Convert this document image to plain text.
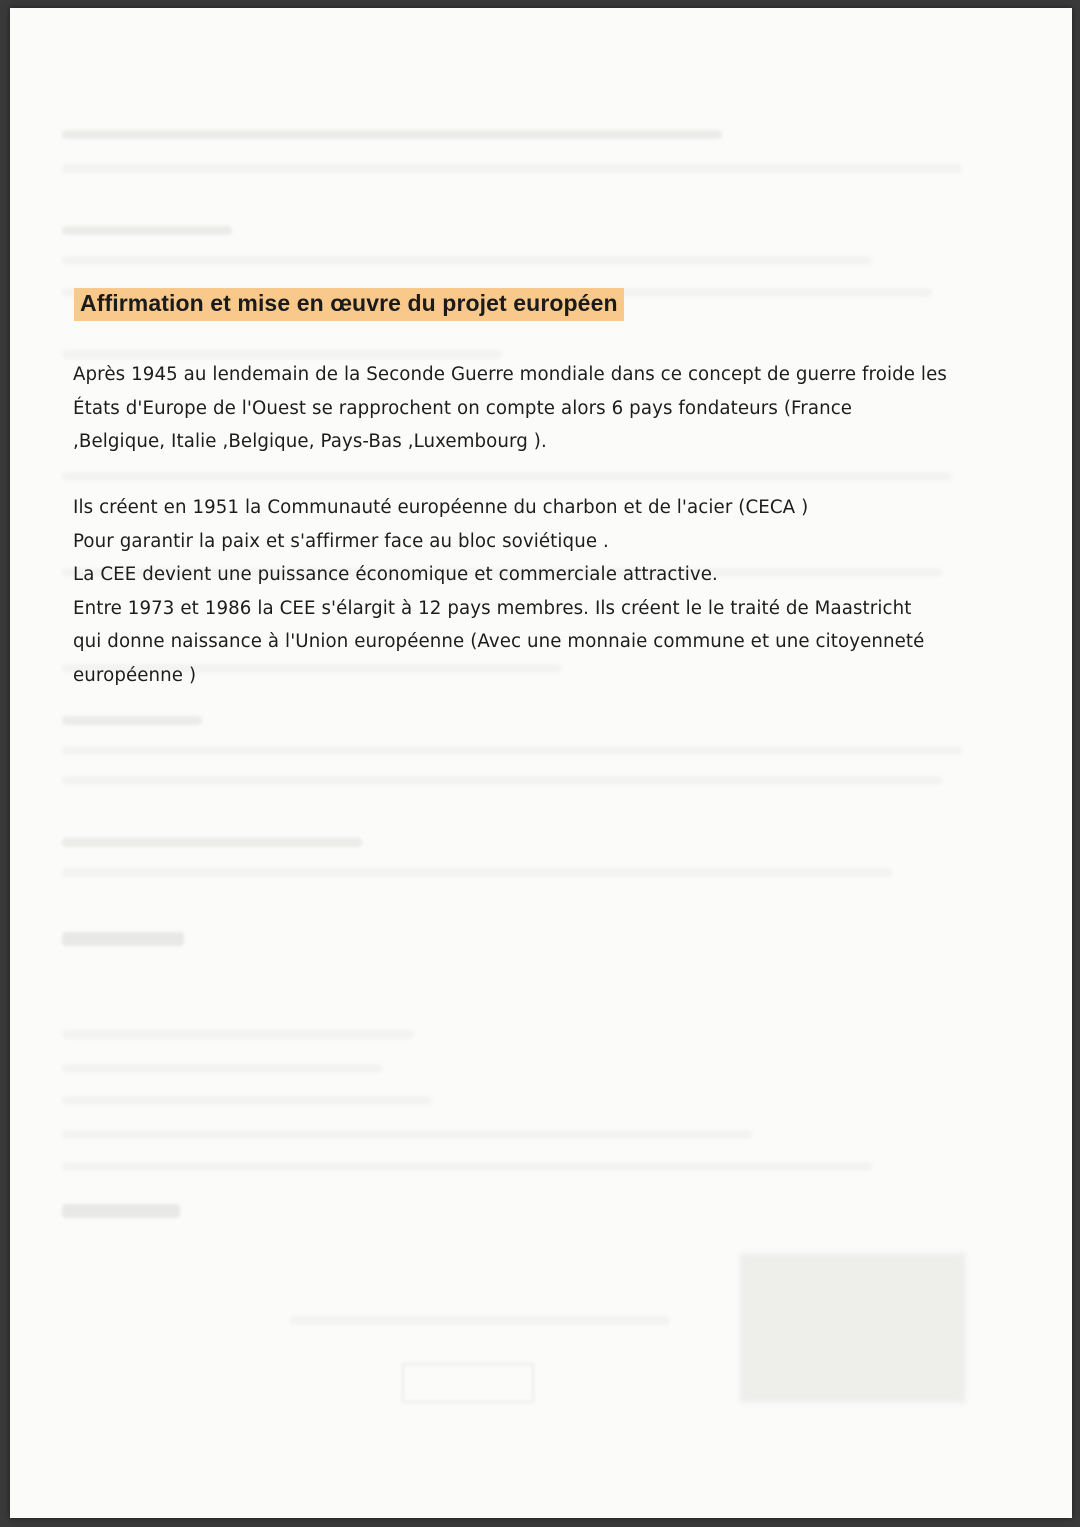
Affirmation et mise en œuvre du projet européen

Après 1945 au lendemain de la Seconde Guerre mondiale dans ce concept de guerre froide les

États d'Europe de l'Ouest se rapprochent on compte alors 6 pays fondateurs (France

,Belgique, Italie ,Belgique, Pays-Bas ,Luxembourg ).

Ils créent en 1951 la Communauté européenne du charbon et de l'acier (CECA )

Pour garantir la paix et s'affirmer face au bloc soviétique .

La CEE devient une puissance économique et commerciale attractive.

Entre 1973 et 1986 la CEE s'élargit à 12 pays membres. Ils créent le le traité de Maastricht

qui donne naissance à l'Union européenne (Avec une monnaie commune et une citoyenneté

européenne )
